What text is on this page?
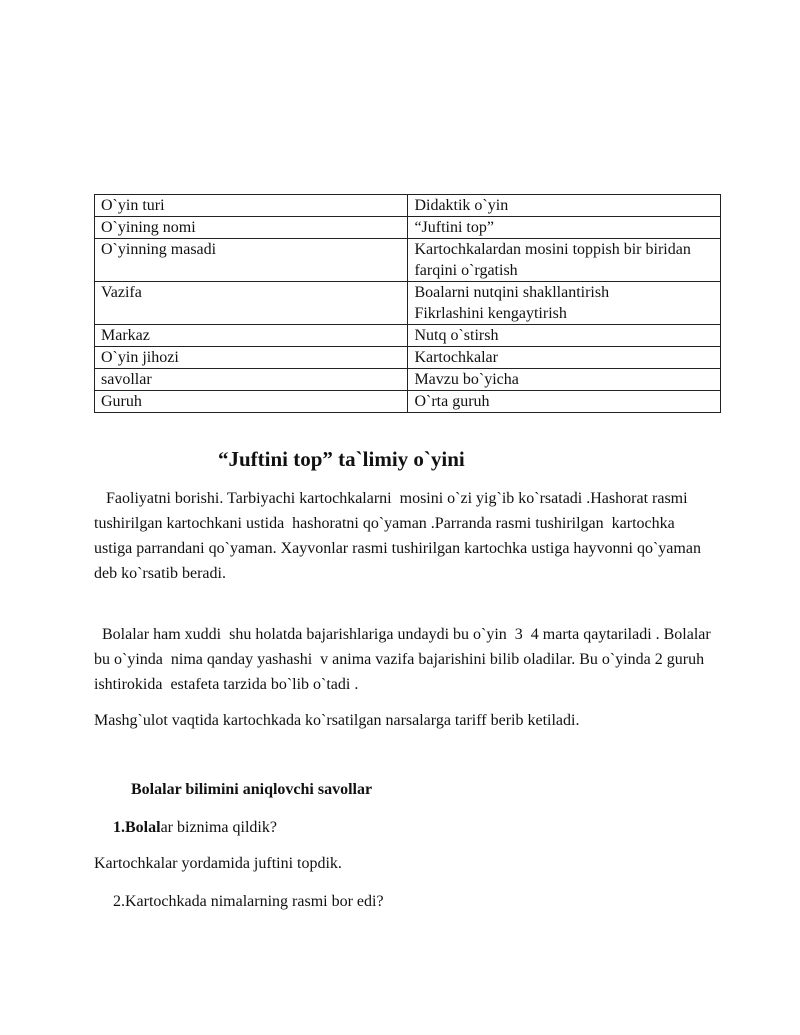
O`yin turi	Didaktik o`yin
O`yining nomi	“Juftini top”
O`yinning masadi	Kartochkalardan mosini toppish bir biridan farqini o`rgatish
Vazifa	Boalarni nutqini shakllantirish
Fikrlashini kengaytirish

Markaz	Nutq o`stirsh
O`yin jihozi	Kartochkalar
savollar	Mavzu bo`yicha
Guruh	O`rta guruh
“Juftini top” ta`limiy o`yini

Faoliyatni borishi. Tarbiyachi kartochkalarni  mosini o`zi yig`ib ko`rsatadi .Hashorat rasmi tushirilgan kartochkani ustida  hashoratni qo`yaman .Parranda rasmi tushirilgan  kartochka  ustiga parrandani qo`yaman. Xayvonlar rasmi tushirilgan kartochka ustiga hayvonni qo`yaman  deb ko`rsatib beradi.

Bolalar ham xuddi  shu holatda bajarishlariga undaydi bu o`yin  3  4 marta qaytariladi . Bolalar bu o`yinda  nima qanday yashashi  v anima vazifa bajarishini bilib oladilar. Bu o`yinda 2 guruh ishtirokida  estafeta tarzida bo`lib o`tadi .

Mashg`ulot vaqtida kartochkada ko`rsatilgan narsalarga tariff berib ketiladi.

Bolalar bilimini aniqlovchi savollar
1.Bolalar biznima qildik?
Kartochkalar yordamida juftini topdik.
2.Kartochkada nimalarning rasmi bor edi?
